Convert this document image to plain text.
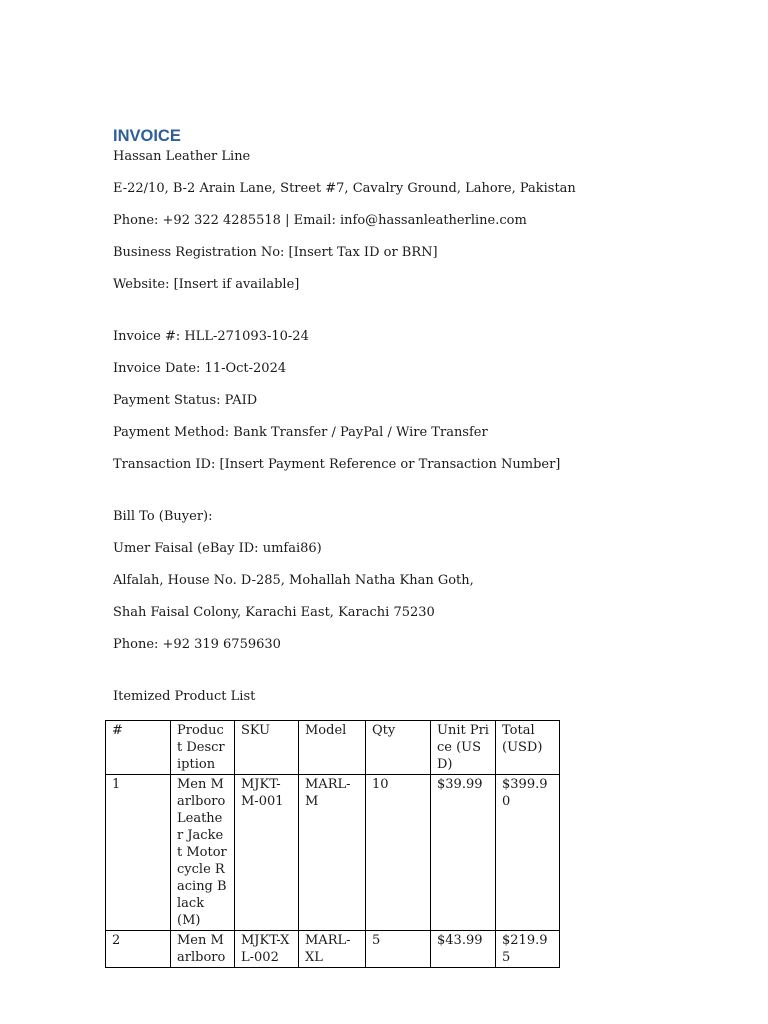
INVOICE

Hassan Leather Line

E-22/10, B-2 Arain Lane, Street #7, Cavalry Ground, Lahore, Pakistan

Phone: +92 322 4285518 | Email: info@hassanleatherline.com

Business Registration No: [Insert Tax ID or BRN]

Website: [Insert if available]

Invoice #: HLL-271093-10-24

Invoice Date: 11-Oct-2024

Payment Status: PAID

Payment Method: Bank Transfer / PayPal / Wire Transfer

Transaction ID: [Insert Payment Reference or Transaction Number]

Bill To (Buyer):

Umer Faisal (eBay ID: umfai86)

Alfalah, House No. D-285, Mohallah Natha Khan Goth,

Shah Faisal Colony, Karachi East, Karachi 75230

Phone: +92 319 6759630

Itemized Product List

#	Product Description	SKU	Model	Qty	Unit Price (USD)	Total (USD)
1	Men Marlboro Leather Jacket Motorcycle Racing Black (M)	MJKT-M-001	MARL-M	10	$39.99	$399.90
2	Men Marlboro	MJKT-XL-002	MARL-XL	5	$43.99	$219.95
